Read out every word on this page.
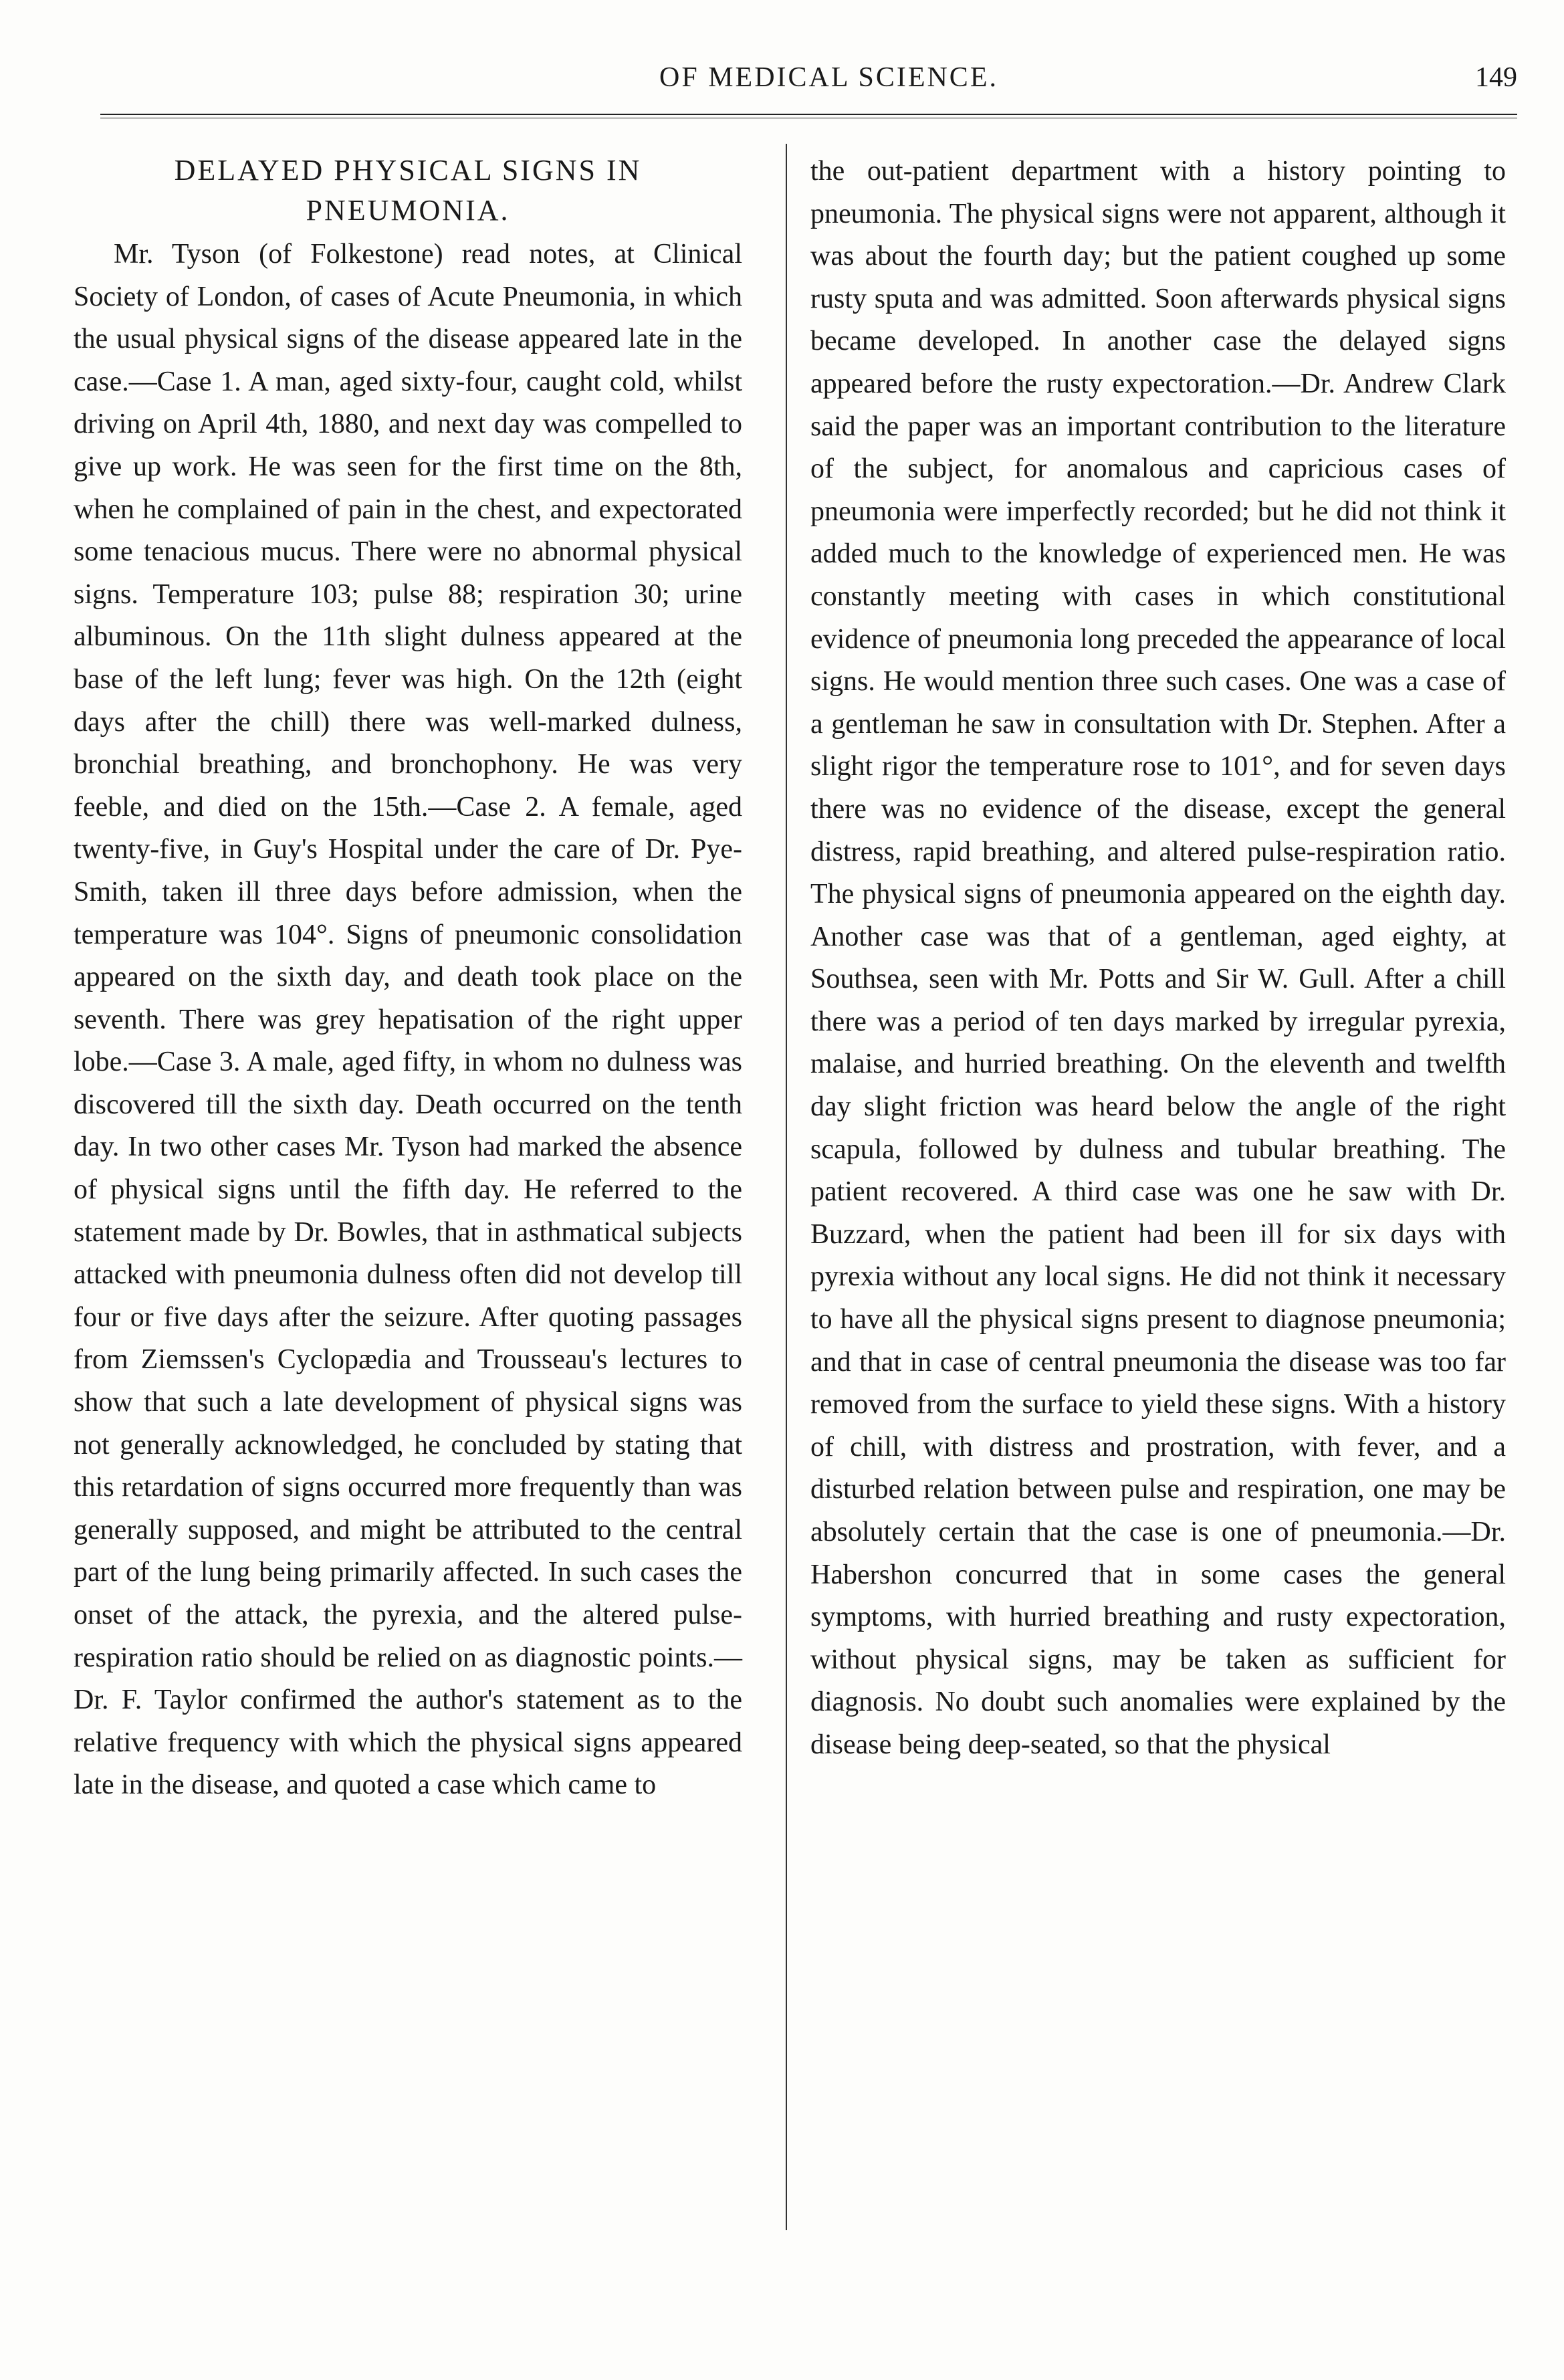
OF MEDICAL SCIENCE.	149
DELAYED PHYSICAL SIGNS IN PNEUMONIA.

Mr. Tyson (of Folkestone) read notes, at Clinical Society of London, of cases of Acute Pneumonia, in which the usual physical signs of the disease appeared late in the case.—Case 1. A man, aged sixty-four, caught cold, whilst driving on April 4th, 1880, and next day was compelled to give up work. He was seen for the first time on the 8th, when he complained of pain in the chest, and expectorated some tenacious mucus. There were no abnormal physical signs. Temperature 103; pulse 88; respiration 30; urine albuminous. On the 11th slight dulness appeared at the base of the left lung; fever was high. On the 12th (eight days after the chill) there was well-marked dulness, bronchial breathing, and bronchophony. He was very feeble, and died on the 15th.—Case 2. A female, aged twenty-five, in Guy's Hospital under the care of Dr. Pye-Smith, taken ill three days before admission, when the temperature was 104°. Signs of pneumonic consolidation appeared on the sixth day, and death took place on the seventh. There was grey hepatisation of the right upper lobe.—Case 3. A male, aged fifty, in whom no dulness was discovered till the sixth day. Death occurred on the tenth day. In two other cases Mr. Tyson had marked the absence of physical signs until the fifth day. He referred to the statement made by Dr. Bowles, that in asthmatical subjects attacked with pneumonia dulness often did not develop till four or five days after the seizure. After quoting passages from Ziemssen's Cyclopædia and Trousseau's lectures to show that such a late development of physical signs was not generally acknowledged, he concluded by stating that this retardation of signs occurred more frequently than was generally supposed, and might be attributed to the central part of the lung being primarily affected. In such cases the onset of the attack, the pyrexia, and the altered pulse-respiration ratio should be relied on as diagnostic points.—Dr. F. Taylor confirmed the author's statement as to the relative frequency with which the physical signs appeared late in the disease, and quoted a case which came to

the out-patient department with a history pointing to pneumonia. The physical signs were not apparent, although it was about the fourth day; but the patient coughed up some rusty sputa and was admitted. Soon afterwards physical signs became developed. In another case the delayed signs appeared before the rusty expectoration.—Dr. Andrew Clark said the paper was an important contribution to the literature of the subject, for anomalous and capricious cases of pneumonia were imperfectly recorded; but he did not think it added much to the knowledge of experienced men. He was constantly meeting with cases in which constitutional evidence of pneumonia long preceded the appearance of local signs. He would mention three such cases. One was a case of a gentleman he saw in consultation with Dr. Stephen. After a slight rigor the temperature rose to 101°, and for seven days there was no evidence of the disease, except the general distress, rapid breathing, and altered pulse-respiration ratio. The physical signs of pneumonia appeared on the eighth day. Another case was that of a gentleman, aged eighty, at Southsea, seen with Mr. Potts and Sir W. Gull. After a chill there was a period of ten days marked by irregular pyrexia, malaise, and hurried breathing. On the eleventh and twelfth day slight friction was heard below the angle of the right scapula, followed by dulness and tubular breathing. The patient recovered. A third case was one he saw with Dr. Buzzard, when the patient had been ill for six days with pyrexia without any local signs. He did not think it necessary to have all the physical signs present to diagnose pneumonia; and that in case of central pneumonia the disease was too far removed from the surface to yield these signs. With a history of chill, with distress and prostration, with fever, and a disturbed relation between pulse and respiration, one may be absolutely certain that the case is one of pneumonia.—Dr. Habershon concurred that in some cases the general symptoms, with hurried breathing and rusty expectoration, without physical signs, may be taken as sufficient for diagnosis. No doubt such anomalies were explained by the disease being deep-seated, so that the physical
